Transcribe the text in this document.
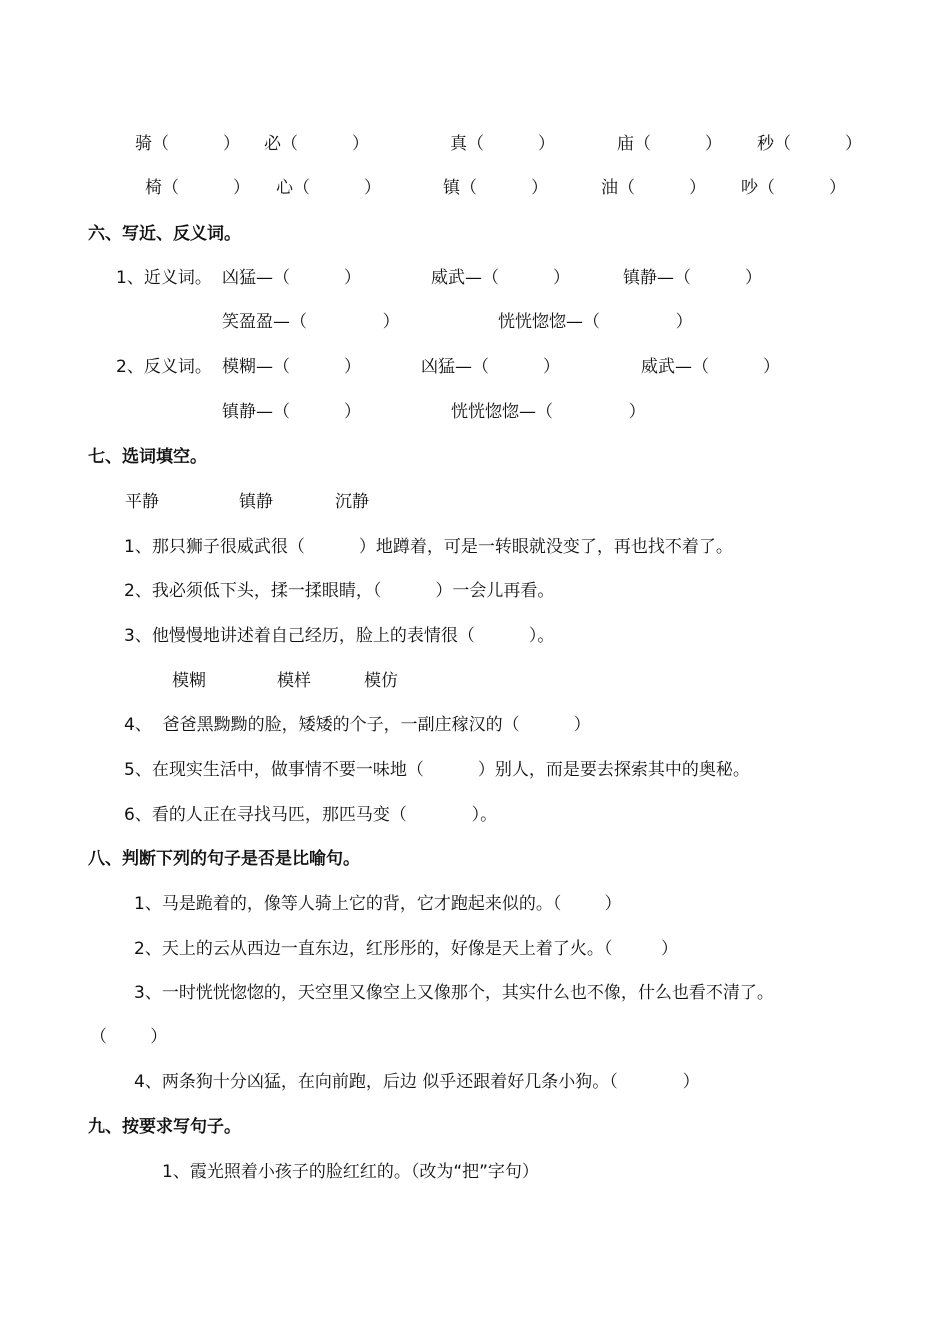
骑（          ） 必（          ）	真（          ）	庙（          ） 秒（          ）
椅（          ） 心（          ）	镇（          ）	油（          ） 吵（          ）
六、写近、反义词。
1、近义词。 凶猛—（          ）	威武—（          ）	镇静—（          ）
笑盈盈—（              ）	恍恍惚惚—（              ）
2、反义词。 模糊—（          ）	凶猛—（          ）	威武—（          ）
镇静—（          ）	恍恍惚惚—（              ）
七、选词填空。
平静	镇静	沉静
1、那只狮子很威武很（          ）地蹲着，可是一转眼就没变了，再也找不着了。
2、我必须低下头，揉一揉眼睛，（          ）一会儿再看。
3、他慢慢地讲述着自己经历，脸上的表情很（          ）。
模糊	模样	模仿
4、  爸爸黑黝黝的脸，矮矮的个子，一副庄稼汉的（          ）
5、在现实生活中，做事情不要一味地（          ）别人，而是要去探索其中的奥秘。
6、看的人正在寻找马匹，那匹马变（            ）。
八、判断下列的句子是否是比喻句。
1、马是跪着的，像等人骑上它的背，它才跑起来似的。（        ）
2、天上的云从西边一直东边，红彤彤的，好像是天上着了火。（         ）
3、一时恍恍惚惚的，天空里又像空上又像那个，其实什么也不像，什么也看不清了。
（        ）
4、两条狗十分凶猛，在向前跑，后边 似乎还跟着好几条小狗。（            ）
九、按要求写句子。
1、霞光照着小孩子的脸红红的。（改为“把”字句）
